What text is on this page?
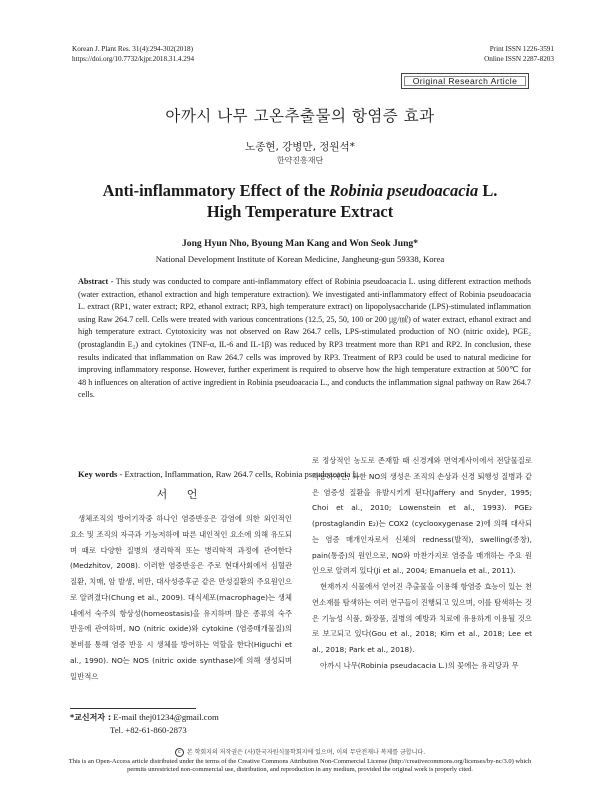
Korean J. Plant Res. 31(4):294-302(2018)
https://doi.org/10.7732/kjpr.2018.31.4.294
Print ISSN 1226-3591
Online ISSN 2287-8203
Original Research Article
아까시 나무 고온추출물의 항염증 효과
노종현, 강병만, 정원석*
한약진흥재단
Anti-inflammatory Effect of the Robinia pseudoacacia L.
High Temperature Extract
Jong Hyun Nho, Byoung Man Kang and Won Seok Jung*
National Development Institute of Korean Medicine, Jangheung-gun 59338, Korea
Abstract - This study was conducted to compare anti-inflammatory effect of Robinia pseudoacacia L. using different extraction methods (water extraction, ethanol extraction and high temperature extraction). We investigated anti-inflammatory effect of Robinia pseudoacacia L. extract (RP1, water extract; RP2, ethanol extract; RP3, high temperature extract) on lipopolysaccharide (LPS)-stimulated inflammation using Raw 264.7 cell. Cells were treated with various concentrations (12.5, 25, 50, 100 or 200 ㎍/㎖) of water extract, ethanol extract and high temperature extract. Cytotoxicity was not observed on Raw 264.7 cells, LPS-stimulated production of NO (nitric oxide), PGE₂ (prostaglandin E₂) and cytokines (TNF-α, IL-6 and IL-1β) was reduced by RP3 treatment more than RP1 and RP2. In conclusion, these results indicated that inflammation on Raw 264.7 cells was improved by RP3. Treatment of RP3 could be used to natural medicine for improving inflammatory response. However, further experiment is required to observe how the high temperature extraction at 500℃ for 48 h influences on alteration of active ingredient in Robinia pseudoacacia L., and conducts the inflammation signal pathway on Raw 264.7 cells.
Key words - Extraction, Inflammation, Raw 264.7 cells, Robinia pseudoacacia L.
서 언
생체조직의 방어기작중 하나인 염증반응은 감염에 의한 외인적인 요소 및 조직의 자극과 기능저하에 따른 내인적인 요소에 의해 유도되며 때로 다양한 질병의 생리학적 또는 병리학적 과정에 관여한다(Medzhitov, 2008). 이러한 염증반응은 주로 현대사회에서 심혈관질환, 치매, 암 발생, 비만, 대사성증후군 같은 만성질환의 주요원인으로 알려졌다(Chung et al., 2009). 대식세포(macrophage)는 생체 내에서 숙주의 항상성(homeostasis)을 유지하며 많은 종류의 숙주 반응에 관여하며, NO (nitric oxide)와 cytokine (염증매개물질)의 분비를 통해 염증 반응 시 생체를 방어하는 역할을 한다(Higuchi et al., 1990). NO는 NOS (nitric oxide synthase)에 의해 생성되며 일반적으
로 정상적인 농도로 존재할 때 신경계와 면역계사이에서 전달물질로 작용하지만, 과한 NO의 생성은 조직의 손상과 신경 퇴행성 질병과 같은 염증성 질환을 유발시키게 된다(Jaffery and Snyder, 1995; Choi et al., 2010; Lowenstein et al., 1993). PGE₂ (prostaglandin E₂)는 COX2 (cyclooxygenase 2)에 의해 대사되는 염증 매개인자로서 신체의 redness(발적), swelling(종창), pain(통증)의 원인으로, NO와 마찬가지로 염증을 매개하는 주요 원인으로 알려져 있다(Ji et al., 2004; Emanuela et al., 2011).
현재까지 식물에서 얻어진 추출물을 이용해 항염증 효능이 있는 천연소재를 탐색하는 여러 연구들이 진행되고 있으며, 이를 탐색하는 것은 기능성 식품, 화장품, 질병의 예방과 치료에 유용하게 이용될 것으로 보고되고 있다(Gou et al., 2018; Kim et al., 2018; Lee et al., 2018; Park et al., 2018).
아까시 나무(Robinia pseudacacia L.)의 꽃에는 유리당과 무
*교신저자 : E-mail thej01234@gmail.com
Tel. +82-61-860-2873
c 본 학회지의 저작권은 (사)한국자원식물학회지에 있으며, 이의 무단전재나 복제를 금합니다.
This is an Open-Access article distributed under the terms of the Creative Commons Attribution Non-Commercial License (http://creativecommons.org/licenses/by-nc/3.0) which permits unrestricted non-commercial use, distribution, and reproduction in any medium, provided the original work is properly cited.
